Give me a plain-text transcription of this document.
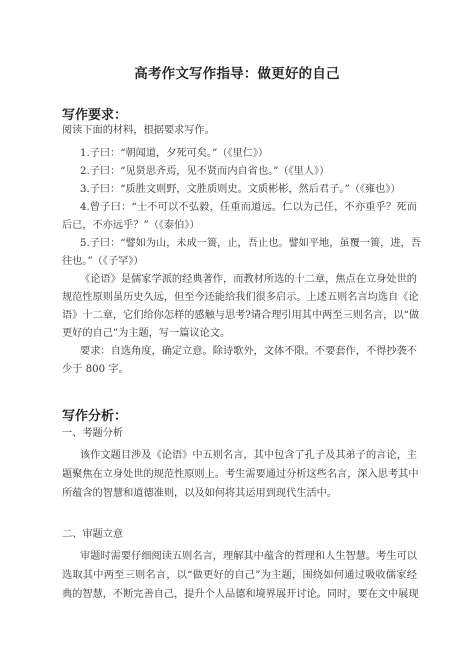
高考作文写作指导：做更好的自己
写作要求：
阅读下面的材料，根据要求写作。
1.子曰：“朝闻道，夕死可矣。”（《里仁》）
2.子曰：“见贤思齐焉，见不贤而内自省也。”（《里人》）
3.子曰：“质胜文则野，文胜质则史。文质彬彬，然后君子。”（《雍也》）
4.曾子曰：“士不可以不弘毅，任重而道远。仁以为己任，不亦重乎？死而
后已，不亦远乎？”（《泰伯》）
5.子曰：“譬如为山，未成一篑，止，吾止也。譬如平地，虽覆一篑，进，吾
往也。”（《子罕》）
《论语》是儒家学派的经典著作，而教材所选的十二章，焦点在立身处世的
规范性原则虽历史久远，但至今还能给我们很多启示。上述五则名言均选自《论
语》十二章，它们给你怎样的感触与思考?请合理引用其中两至三则名言，以“做
更好的自己”为主题，写一篇议论文。
要求：自选角度，确定立意。除诗歌外，文体不限。不要套作，不得抄袭不
少于 800 字。
写作分析：
一、考题分析
该作文题目涉及《论语》中五则名言，其中包含了孔子及其弟子的言论，主
题聚焦在立身处世的规范性原则上。考生需要通过分析这些名言，深入思考其中
所蕴含的智慧和道德准则，以及如何将其运用到现代生活中。
二、审题立意
审题时需要仔细阅读五则名言，理解其中蕴含的哲理和人生智慧。考生可以
选取其中两至三则名言，以“做更好的自己”为主题，围绕如何通过吸收儒家经
典的智慧，不断完善自己，提升个人品德和境界展开讨论。同时，要在文中展现
